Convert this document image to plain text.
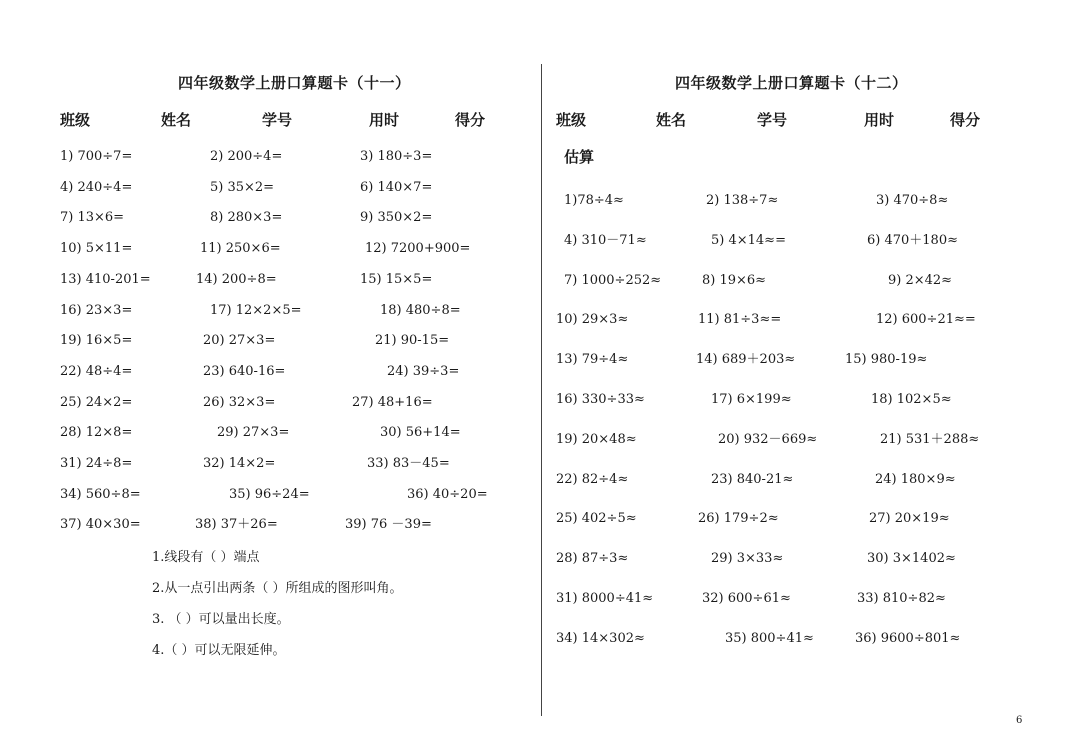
四年级数学上册口算题卡（十一）
班级	姓名	学号	用时	得分
1) 700÷7=	2) 200÷4=	3) 180÷3=
4) 240÷4=	5) 35×2=	6) 140×7=
7) 13×6=	8) 280×3=	9) 350×2=
10) 5×11=	11) 250×6=	12) 7200+900=
13) 410-201=	14) 200÷8=	15) 15×5=
16) 23×3=	17) 12×2×5=	18) 480÷8=
19) 16×5=	20) 27×3=	21) 90-15=
22) 48÷4=	23) 640-16=	24) 39÷3=
25) 24×2=	26) 32×3=	27) 48+16=
28) 12×8=	29) 27×3=	30) 56+14=
31) 24÷8=	32) 14×2=	33) 83－45=
34) 560÷8=	35) 96÷24=	36) 40÷20=
37) 40×30=	38) 37＋26=	39) 76 －39=
1.线段有（ ）端点
2.从一点引出两条（ ）所组成的图形叫角。
3. （ ）可以量出长度。
4.（ ）可以无限延伸。
四年级数学上册口算题卡（十二）
班级	姓名	学号	用时	得分
估算
1)78÷4≈	2) 138÷7≈	3) 470÷8≈
4) 310－71≈	5) 4×14≈=	6) 470＋180≈
7) 1000÷252≈	8) 19×6≈	9) 2×42≈
10) 29×3≈	11) 81÷3≈=	12) 600÷21≈=
13) 79÷4≈	14) 689＋203≈	15) 980-19≈
16) 330÷33≈	17) 6×199≈	18) 102×5≈
19) 20×48≈	20) 932－669≈	21) 531＋288≈
22) 82÷4≈	23) 840-21≈	24) 180×9≈
25) 402÷5≈	26) 179÷2≈	27) 20×19≈
28) 87÷3≈	29) 3×33≈	30) 3×1402≈
31) 8000÷41≈	32) 600÷61≈	33) 810÷82≈
34) 14×302≈	35) 800÷41≈	36) 9600÷801≈
6
